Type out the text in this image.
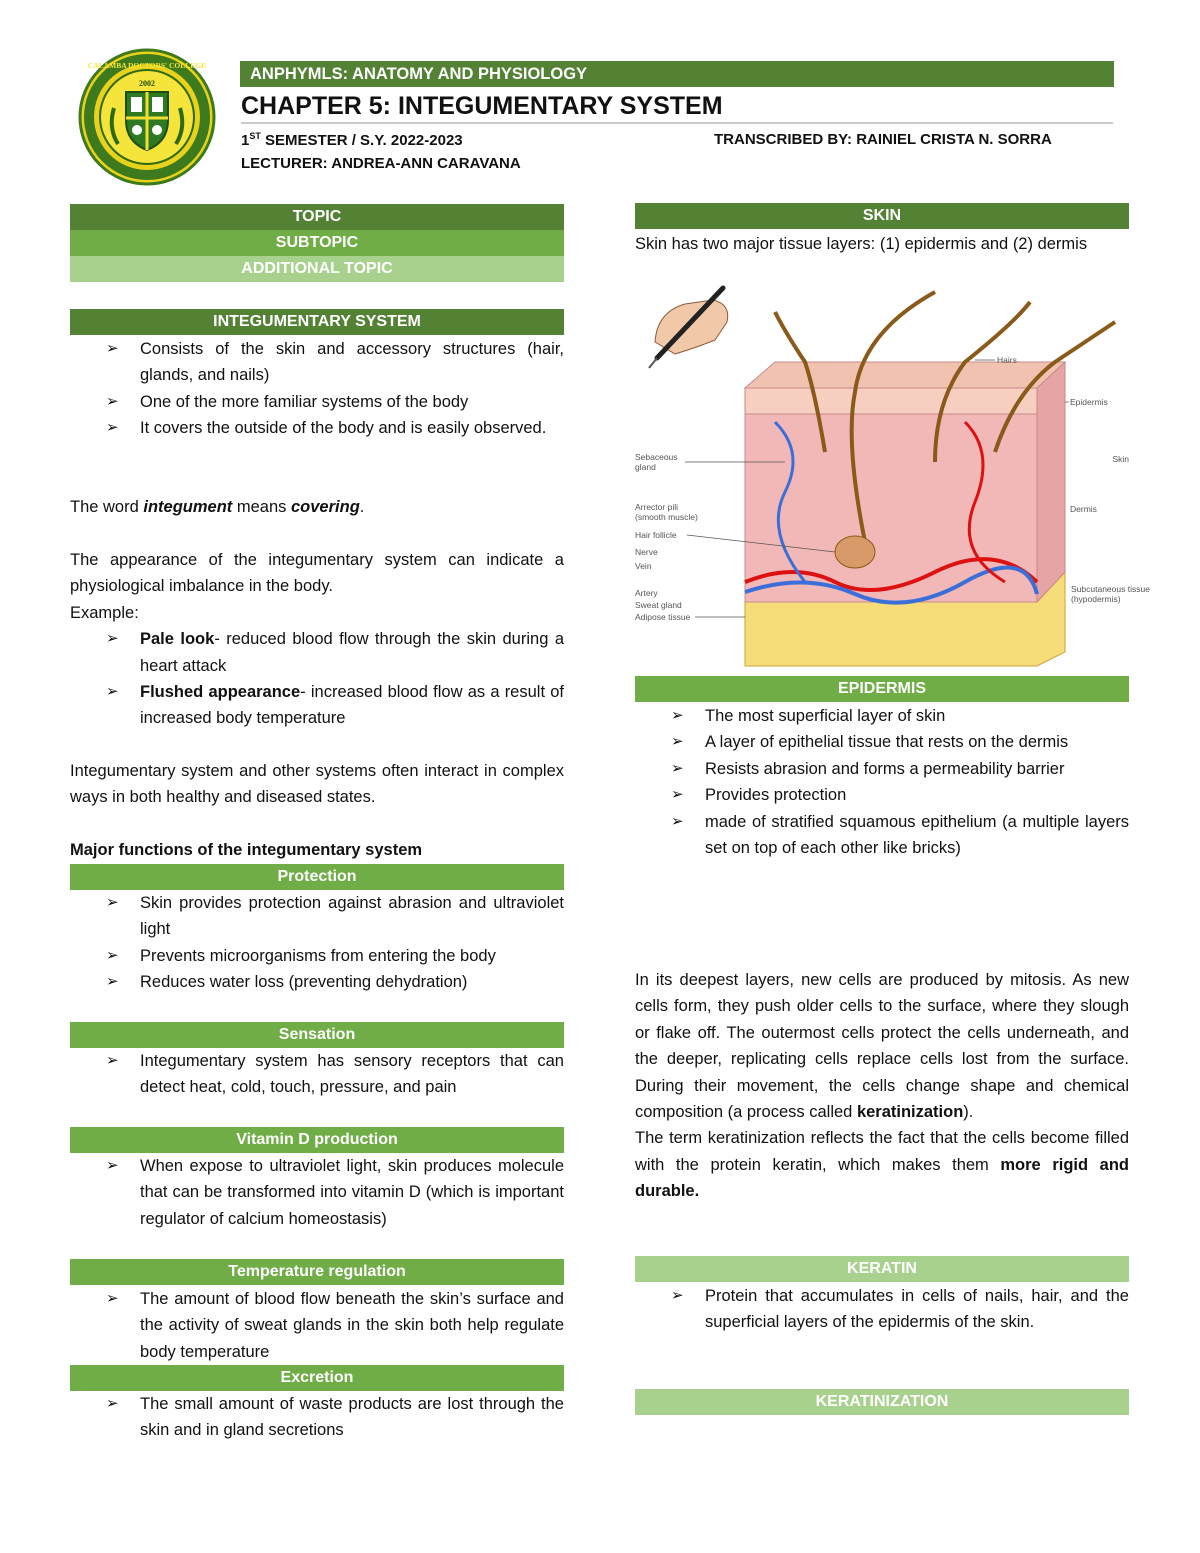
2002
CALAMBA DOCTORS' COLLEGE	ANPHYMLS: ANATOMY AND PHYSIOLOGY
CHAPTER 5: INTEGUMENTARY SYSTEM
1ST SEMESTER / S.Y. 2022-2023	TRANSCRIBED BY: RAINIEL CRISTA N. SORRA
LECTURER: ANDREA-ANN CARAVANA
TOPIC
SUBTOPIC
ADDITIONAL TOPIC
INTEGUMENTARY SYSTEM
➢ Consists of the skin and accessory structures (hair, glands, and nails)
➢ One of the more familiar systems of the body
➢ It covers the outside of the body and is easily observed.

The word integument means covering.

The appearance of the integumentary system can indicate a physiological imbalance in the body.

Example:

➢ Pale look- reduced blood flow through the skin during a heart attack
➢ Flushed appearance- increased blood flow as a result of increased body temperature

Integumentary system and other systems often interact in complex ways in both healthy and diseased states.

Major functions of the integumentary system

Protection
➢ Skin provides protection against abrasion and ultraviolet light
➢ Prevents microorganisms from entering the body
➢ Reduces water loss (preventing dehydration)
Sensation
➢ Integumentary system has sensory receptors that can detect heat, cold, touch, pressure, and pain
Vitamin D production
➢ When expose to ultraviolet light, skin produces molecule that can be transformed into vitamin D (which is important regulator of calcium homeostasis)
Temperature regulation
➢ The amount of blood flow beneath the skin’s surface and the activity of sweat glands in the skin both help regulate body temperature
Excretion
➢ The small amount of waste products are lost through the skin and in gland secretions
SKIN

Skin has two major tissue layers: (1) epidermis and (2) dermis

Hairs
Epidermis
Skin
Dermis
Subcutaneous tissue
(hypodermis)
Sebaceous
gland
Arrector pili
(smooth muscle)
Hair follicle
Nerve
Vein
Artery
Sweat gland
Adipose tissue
EPIDERMIS
➢ The most superficial layer of skin
➢ A layer of epithelial tissue that rests on the dermis
➢ Resists abrasion and forms a permeability barrier
➢ Provides protection
➢ made of stratified squamous epithelium (a multiple layers set on top of each other like bricks)

In its deepest layers, new cells are produced by mitosis. As new cells form, they push older cells to the surface, where they slough or flake off. The outermost cells protect the cells underneath, and the deeper, replicating cells replace cells lost from the surface. During their movement, the cells change shape and chemical composition (a process called keratinization).

The term keratinization reflects the fact that the cells become filled with the protein keratin, which makes them more rigid and durable.

KERATIN
➢ Protein that accumulates in cells of nails, hair, and the superficial layers of the epidermis of the skin.
KERATINIZATION
